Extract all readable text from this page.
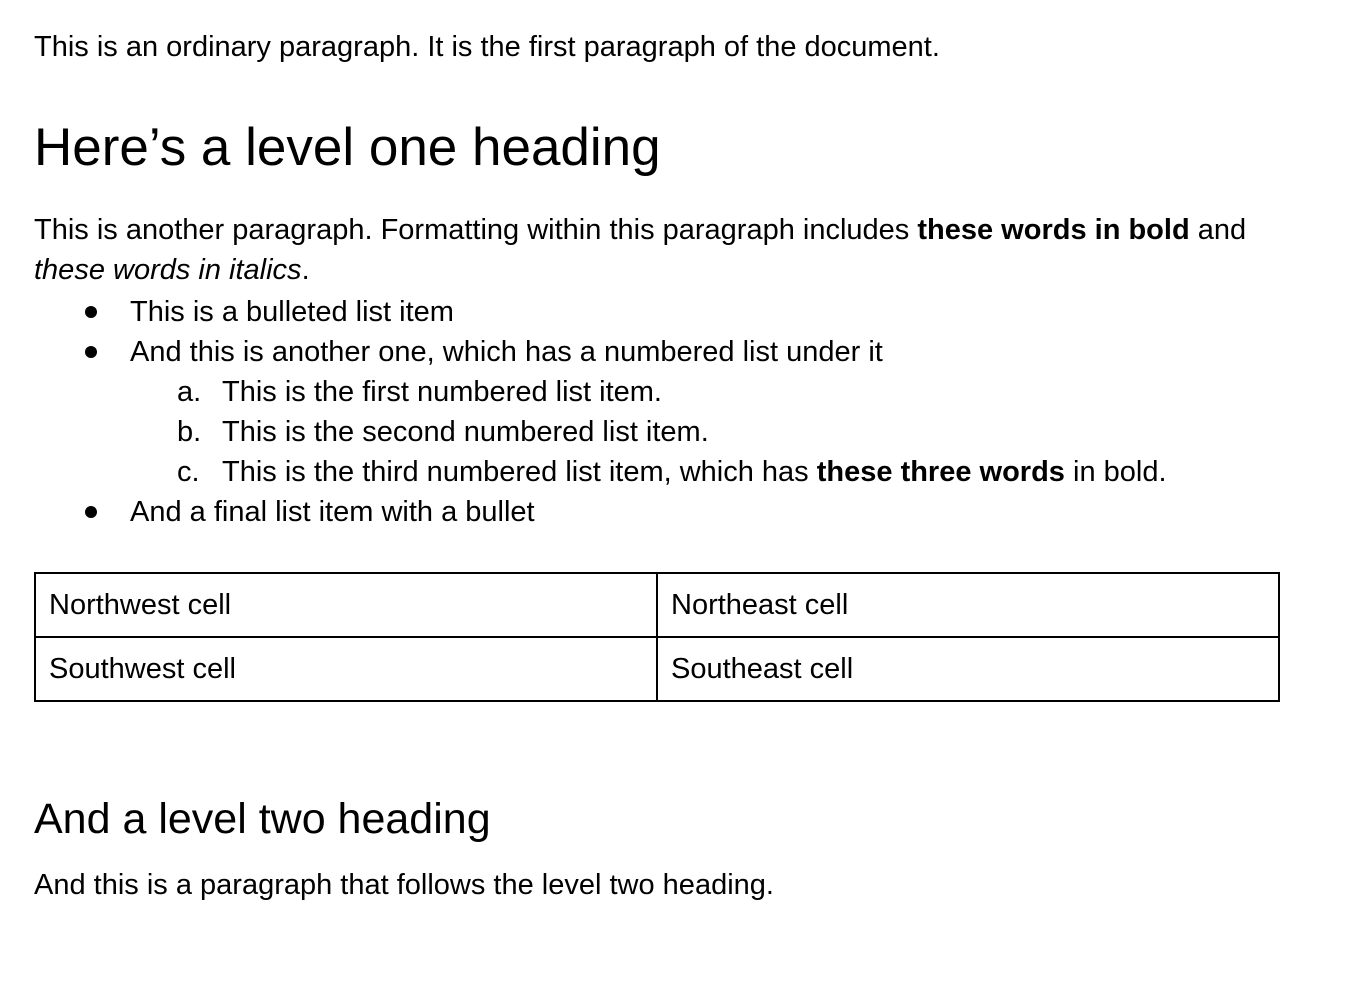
This is an ordinary paragraph. It is the first paragraph of the document.

Here’s a level one heading

This is another paragraph. Formatting within this paragraph includes these words in bold and these words in italics.

This is a bulleted list item
And this is another one, which has a numbered list under it
a. This is the first numbered list item.
b. This is the second numbered list item.
c. This is the third numbered list item, which has these three words in bold.
And a final list item with a bullet
Northwest cell	Northeast cell
Southwest cell	Southeast cell
And a level two heading

And this is a paragraph that follows the level two heading.
